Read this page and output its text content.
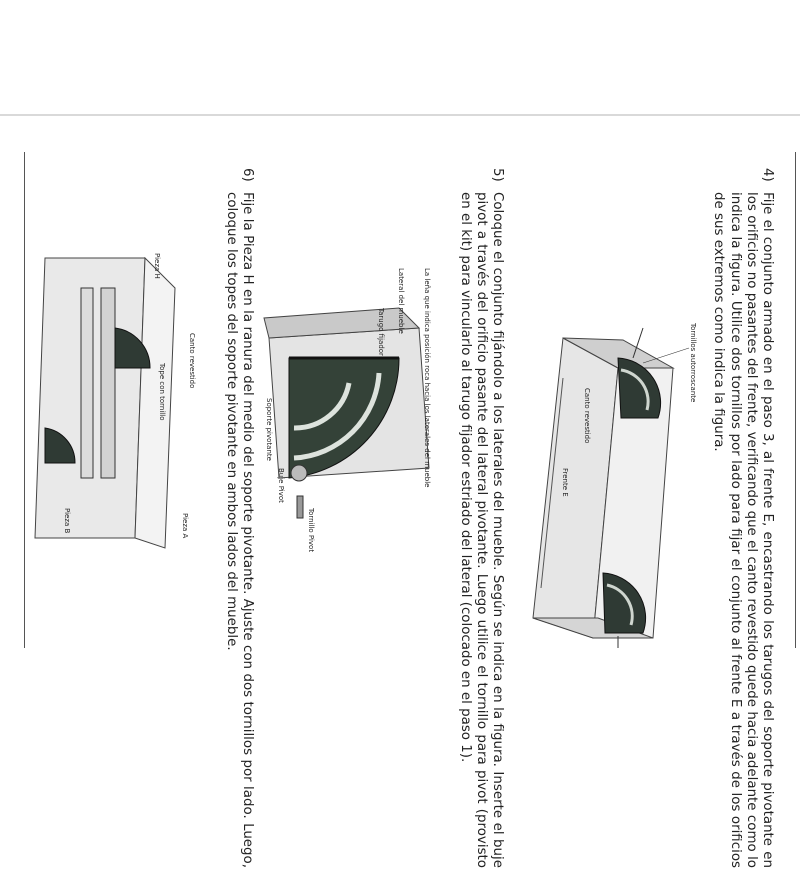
4)
Fije el conjunto armado en el paso 3, al frente E, encastrando los tarugos del soporte pivotante en los orificios no pasantes del frente, verificando que el canto revestido quede hacia adelante como lo indica la figura. Utilice dos tornillos por lado para fijar el conjunto al frente E a través de los orificios de sus extremos como indica la figura.
Tornillos autorroscante
Canto revestido
Frente E
5)
Coloque el conjunto fijándolo a los laterales del mueble. Según se indica en la figura. Inserte el buje pivot a través del orificio pasante del lateral pivotante. Luego utilice el tornillo para pivot (provisto en el kit) para vincularlo al tarugo fijador estriado del lateral (colocado en el paso 1).
La leña que indica posición roca hacia los laterales del mueble
Lateral del mueble
Tarugo fijador
Soporte pivotante
Buje Pivot
Tornillo Pivot
6)
Fije la Pieza H en la ranura del medio del soporte pivotante. Ajuste con dos tornillos por lado. Luego, coloque los topes del soporte pivotante en ambos lados del mueble.
Canto revestido
Pieza H
Tope con tornillo
Pieza A
Pieza B
